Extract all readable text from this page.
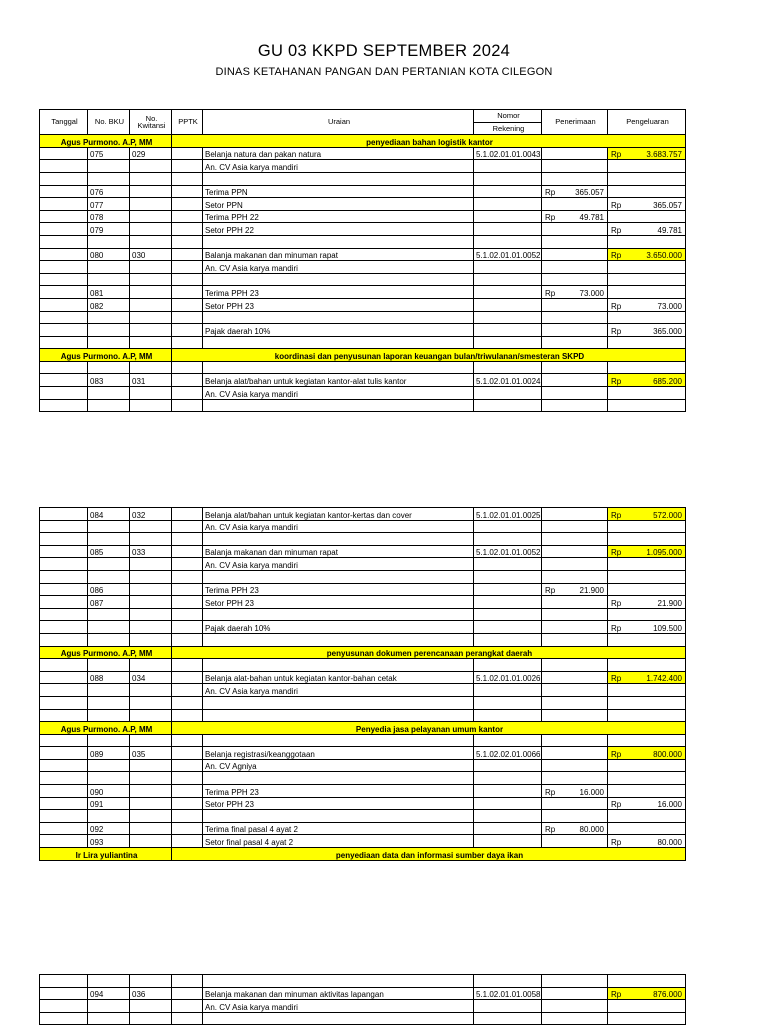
GU 03 KKPD SEPTEMBER 2024
DINAS KETAHANAN PANGAN DAN PERTANIAN KOTA CILEGON
Tanggal	No. BKU	No.
Kwitansi	PPTK	Uraian	Nomor	Penerimaan	Pengeluaran
					Rekening		
Agus Purmono. A.P, MM			penyediaan bahan logistik kantor				
	075	029		Belanja natura dan pakan natura	5.1.02.01.01.0043		Rp 3.683.757

				An. CV Asia karya mandiri			

	076			Terima PPN		Rp 365.057	

	077			Setor PPN			Rp 365.057

	078			Terima PPH 22		Rp 49.781	

	079			Setor PPH 22			Rp 49.781

	080	030		Balanja makanan dan minuman rapat	5.1.02.01.01.0052		Rp 3.650.000

				An. CV Asia karya mandiri			

	081			Terima PPH 23		Rp 73.000	

	082			Setor PPH 23			Rp 73.000

				Pajak daerah 10%			Rp 365.000

Agus Purmono. A.P, MM			koordinasi dan penyusunan laporan keuangan bulan/triwulanan/smesteran SKPD				

	083	031		Belanja alat/bahan untuk kegiatan kantor-alat tulis kantor	5.1.02.01.01.0024		Rp 685.200

				An. CV Asia karya mandiri			

	084	032		Belanja alat/bahan untuk kegiatan kantor-kertas dan cover	5.1.02.01.01.0025		Rp 572.000

				An. CV Asia karya mandiri			

	085	033		Balanja makanan dan minuman rapat	5.1.02.01.01.0052		Rp 1.095.000

				An. CV Asia karya mandiri			

	086			Terima PPH 23		Rp 21.900	

	087			Setor PPH 23			Rp 21.900

				Pajak daerah 10%			Rp 109.500

Agus Purmono. A.P, MM			penyusunan dokumen perencanaan perangkat daerah				

	088	034		Belanja alat-bahan untuk kegiatan kantor-bahan cetak	5.1.02.01.01.0026		Rp 1.742.400

				An. CV Asia karya mandiri			

Agus Purmono. A.P, MM			Penyedia jasa pelayanan umum kantor				

	089	035		Belanja registrasi/keanggotaan	5.1.02.02.01.0066		Rp 800.000

				An. CV Agniya			

	090			Terima PPH 23		Rp 16.000	

	091			Setor PPH 23			Rp 16.000

	092			Terima final pasal 4 ayat 2		Rp 80.000	

	093			Setor final pasal 4 ayat 2			Rp 80.000

Ir Lira yuliantina			penyediaan data dan informasi sumber daya ikan				

	094	036		Belanja makanan dan minuman aktivitas lapangan	5.1.02.01.01.0058		Rp 876.000

				An. CV Asia karya mandiri			
